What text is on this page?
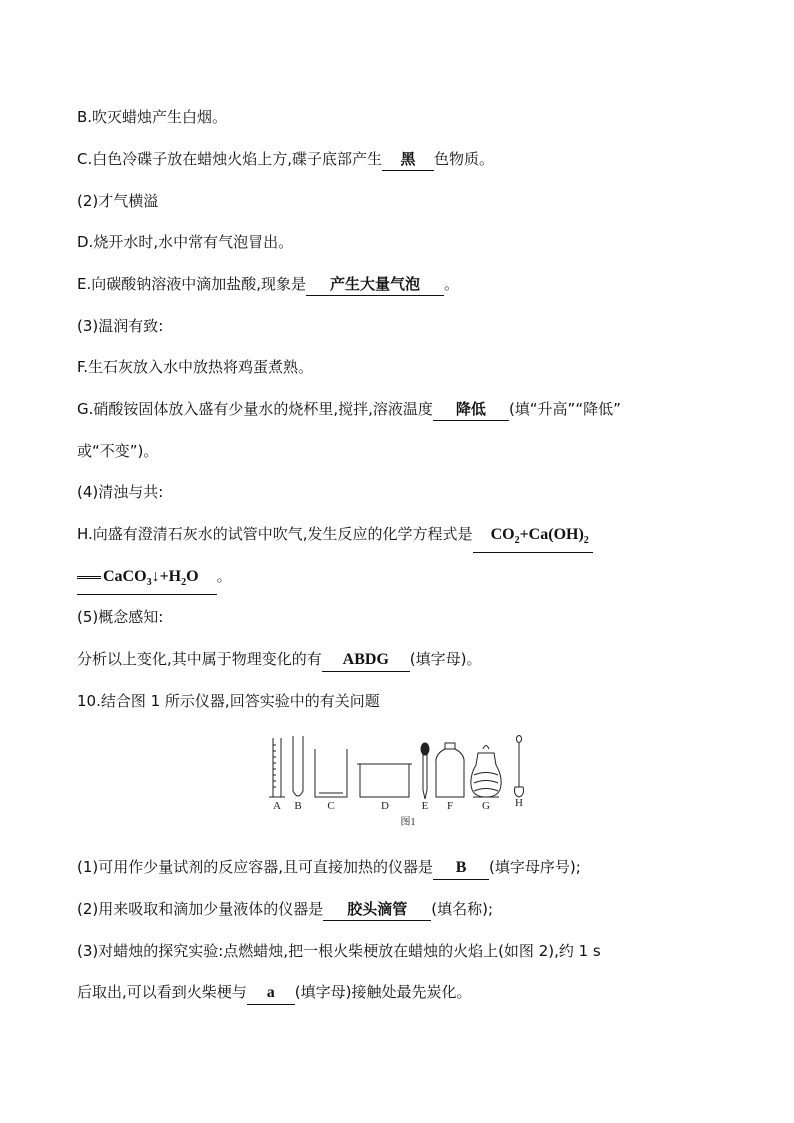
B.吹灭蜡烛产生白烟。
C.白色冷碟子放在蜡烛火焰上方,碟子底部产生 黑 色物质。
(2)才气横溢
D.烧开水时,水中常有气泡冒出。
E.向碳酸钠溶液中滴加盐酸,现象是 产生大量气泡 。
(3)温润有致:
F.生石灰放入水中放热将鸡蛋煮熟。
G.硝酸铵固体放入盛有少量水的烧杯里,搅拌,溶液温度 降低 (填“升高”“降低”
或“不变”)。
(4)清浊与共:
H.向盛有澄清石灰水的试管中吹气,发生反应的化学方程式是 $CO_2+Ca(OH)_2$
$CaCO_3↓+H_2O$ 。
(5)概念感知:
分析以上变化,其中属于物理变化的有 ABDG (填字母)。
10.结合图 1 所示仪器,回答实验中的有关问题
A B C	D	E F	G H
图1
(1)可用作少量试剂的反应容器,且可直接加热的仪器是 B (填字母序号);
(2)用来吸取和滴加少量液体的仪器是 胶头滴管 (填名称);
(3)对蜡烛的探究实验:点燃蜡烛,把一根火柴梗放在蜡烛的火焰上(如图 2),约 1 s
后取出,可以看到火柴梗与 a (填字母)接触处最先炭化。
